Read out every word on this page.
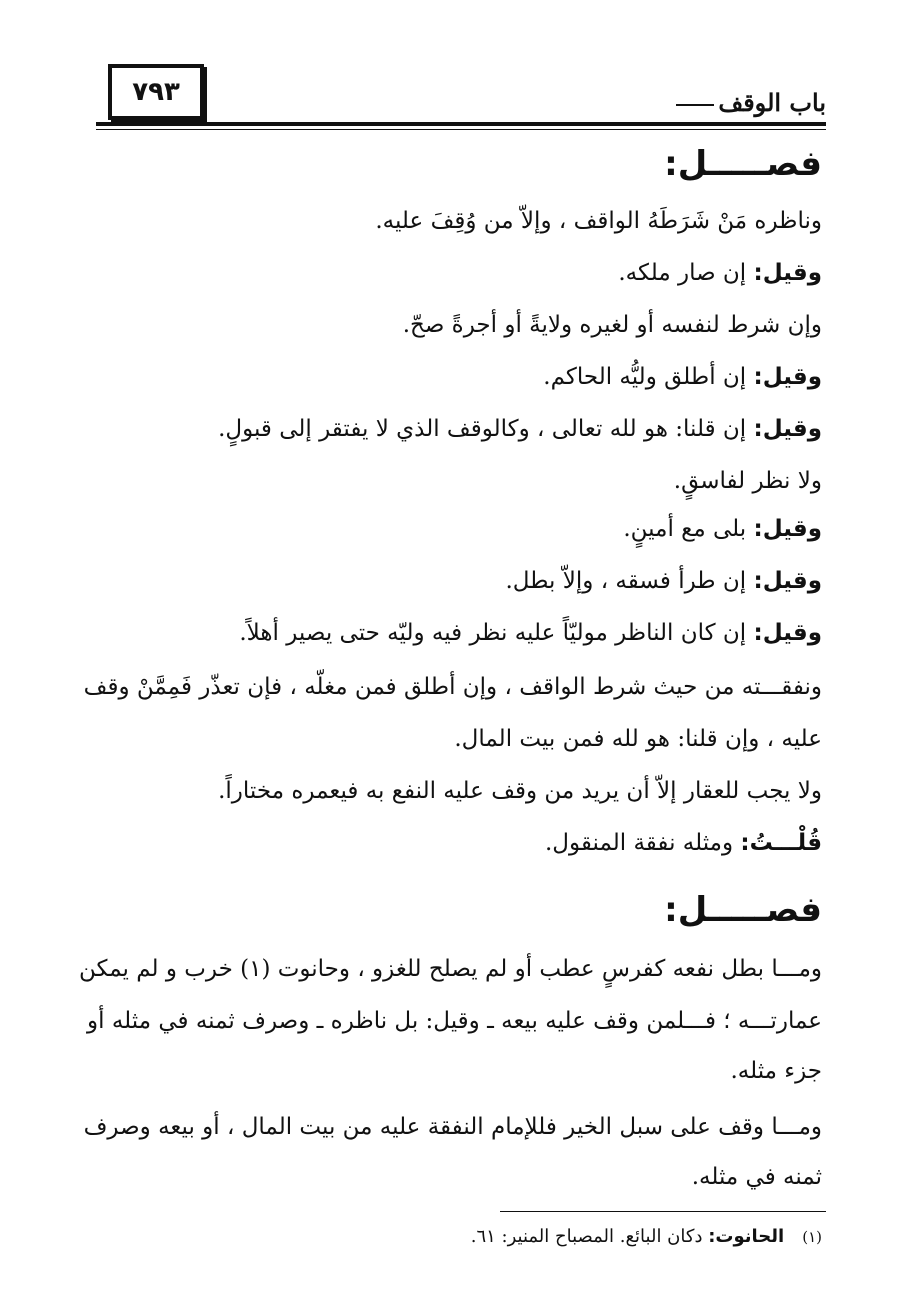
٧٩٣	باب الوقف
فصـــــل:
وناظره مَنْ شَرَطَهُ الواقف ، وإلاّ من وُقِفَ عليه.
وقيل: إن صار ملكه.
وإن شرط لنفسه أو لغيره ولايةً أو أجرةً صحّ.
وقيل: إن أطلق وليُّه الحاكم.
وقيل: إن قلنا: هو لله تعالى ، وكالوقف الذي لا يفتقر إلى قبولٍ.
ولا نظر لفاسقٍ.
وقيل: بلى مع أمينٍ.
وقيل: إن طرأ فسقه ، وإلاّ بطل.
وقيل: إن كان الناظر موليّاً عليه نظر فيه وليّه حتى يصير أهلاً.
ونفقـــته من حيث شرط الواقف ، وإن أطلق فمن مغلّه ، فإن تعذّر فَمِمَّنْ وقف
عليه ، وإن قلنا: هو لله فمن بيت المال.
ولا يجب للعقار إلاّ أن يريد من وقف عليه النفع به فيعمره مختاراً.
قُلْـــتُ: ومثله نفقة المنقول.
فصـــــل:
ومـــا بطل نفعه كفرسٍ عطب أو لم يصلح للغزو ، وحانوت (١) خرب و لم يمكن
عمارتـــه ؛ فـــلمن وقف عليه بيعه ـ وقيل: بل ناظره ـ وصرف ثمنه في مثله أو
جزء مثله.
ومـــا وقف على سبل الخير فللإمام النفقة عليه من بيت المال ، أو بيعه وصرف
ثمنه في مثله.
(١)الحانوت: دكان البائع. المصباح المنير: ٦١.
